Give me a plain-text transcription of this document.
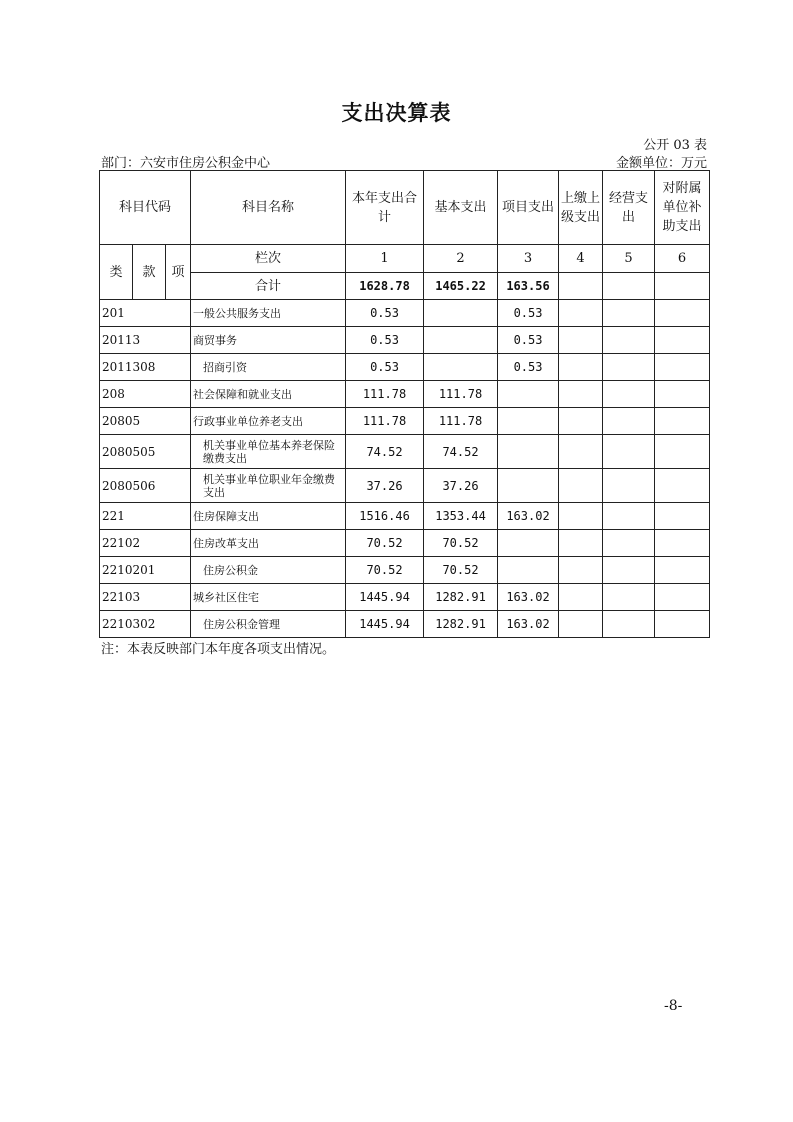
支出决算表
公开 03 表
部门：六安市住房公积金中心	金额单位：万元
科目代码			科目名称	本年支出合计	基本支出	项目支出	上缴上级支出	经营支出	对附属单位补助支出
类	款	项	栏次	1	2	3	4	5	6
			合计	1628.78	1465.22	163.56			
201			一般公共服务支出	0.53		0.53			
20113			商贸事务	0.53		0.53			
2011308			招商引资	0.53		0.53			
208			社会保障和就业支出	111.78	111.78				
20805			行政事业单位养老支出	111.78	111.78				
2080505			机关事业单位基本养老保险缴费支出	74.52	74.52				
2080506			机关事业单位职业年金缴费支出	37.26	37.26				
221			住房保障支出	1516.46	1353.44	163.02			
22102			住房改革支出	70.52	70.52				
2210201			住房公积金	70.52	70.52				
22103			城乡社区住宅	1445.94	1282.91	163.02			
2210302			住房公积金管理	1445.94	1282.91	163.02			
注：本表反映部门本年度各项支出情况。
-8-
